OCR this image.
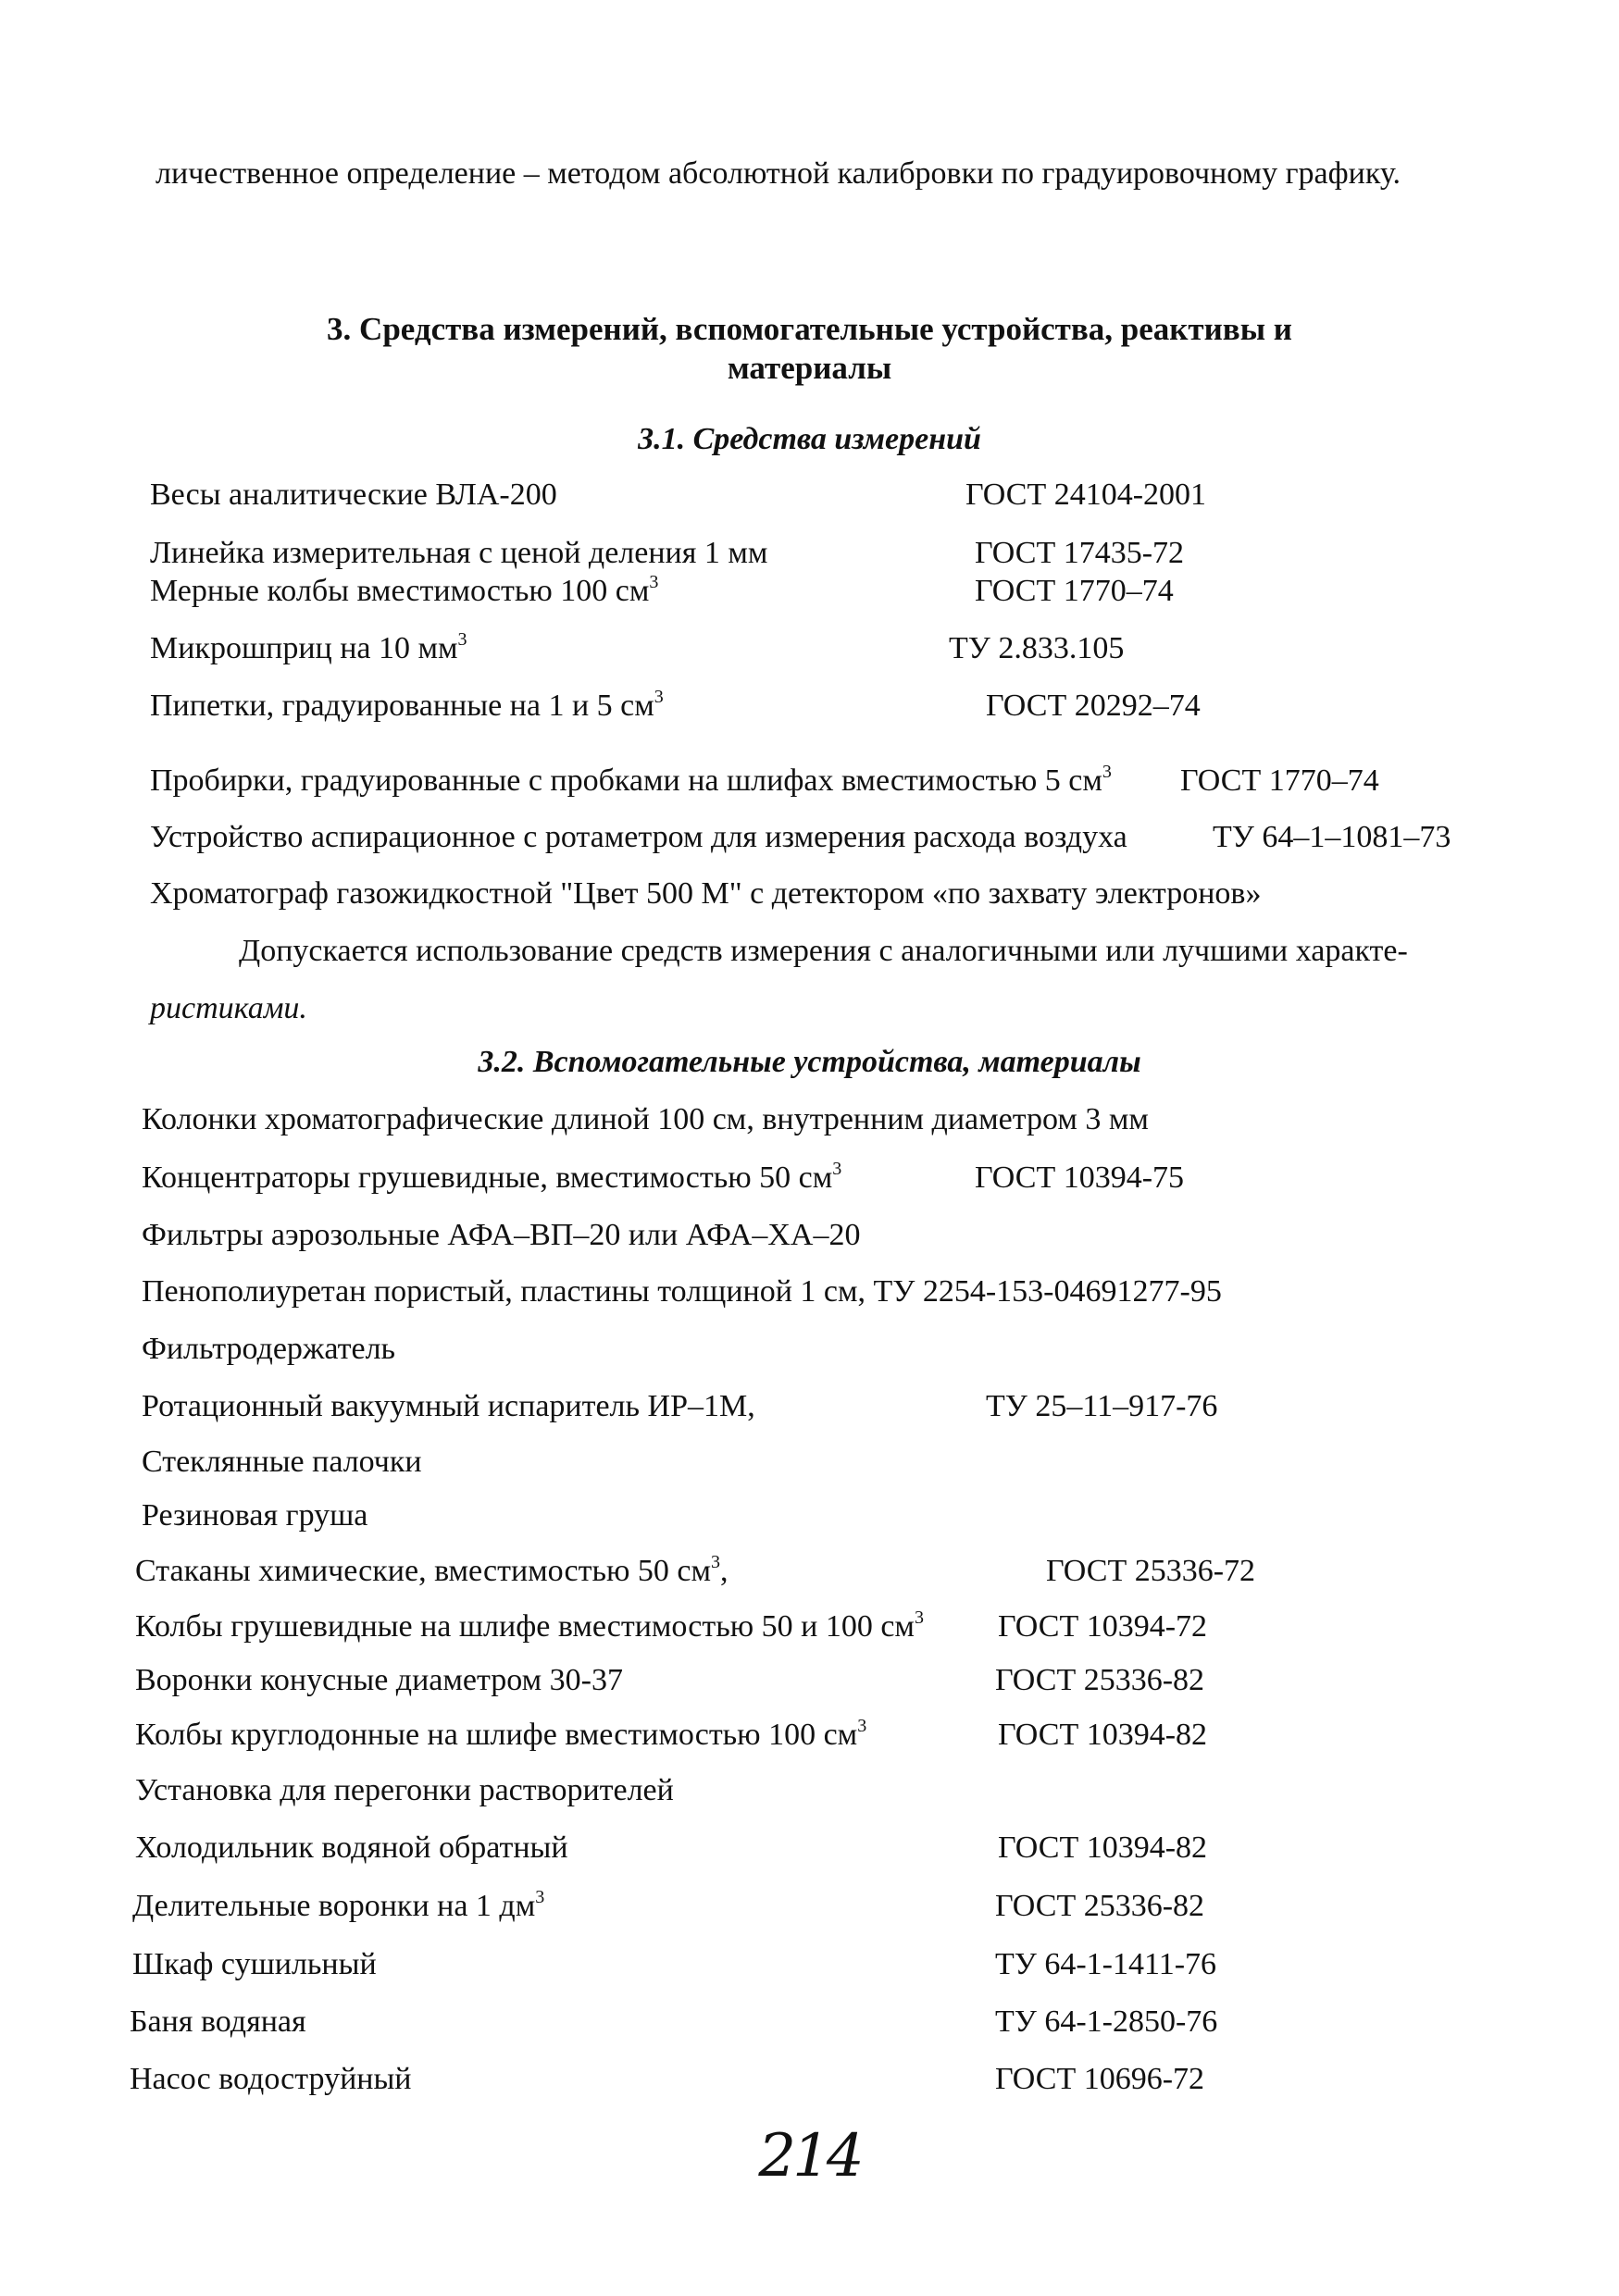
личественное определение – методом абсолютной калибровки по градуировочному графику.
3. Средства измерений, вспомогательные устройства, реактивы и
материалы
3.1. Средства измерений
Весы аналитические ВЛА-200	ГОСТ 24104-2001
Линейка измерительная с ценой деления 1 мм	ГОСТ 17435-72
Мерные колбы вместимостью 100 $см^3$	ГОСТ 1770–74
Микрошприц на 10 $мм^3$	ТУ 2.833.105
Пипетки, градуированные на 1 и 5 $см^3$	ГОСТ 20292–74
Пробирки, градуированные с пробками на шлифах вместимостью 5 $см^3$ ГОСТ 1770–74
Устройство аспирационное с ротаметром для измерения расхода воздуха	ТУ 64–1–1081–73
Хроматограф газожидкостной "Цвет 500 М" с детектором «по захвату электронов»
Допускается использование средств измерения с аналогичными или лучшими характе-
ристиками.
3.2. Вспомогательные устройства, материалы
Колонки хроматографические длиной 100 см, внутренним диаметром 3 мм
Концентраторы грушевидные, вместимостью 50 $см^3$	ГОСТ 10394-75
Фильтры аэрозольные АФА–ВП–20 или АФА–ХА–20
Пенополиуретан пористый, пластины толщиной 1 см, ТУ 2254-153-04691277-95
Фильтродержатель
Ротационный вакуумный испаритель ИР–1М,	ТУ 25–11–917-76
Стеклянные палочки
Резиновая груша
Стаканы химические, вместимостью 50 $см^3$,	ГОСТ 25336-72
Колбы грушевидные на шлифе вместимостью 50 и 100 $см^3$ ГОСТ 10394-72
Воронки конусные диаметром 30-37	ГОСТ 25336-82
Колбы круглодонные на шлифе вместимостью 100 $см^3$	ГОСТ 10394-82
Установка для перегонки растворителей
Холодильник водяной обратный	ГОСТ 10394-82
Делительные воронки на 1 $дм^3$	ГОСТ 25336-82
Шкаф сушильный	ТУ 64-1-1411-76
Баня водяная	ТУ 64-1-2850-76
Насос водоструйный	ГОСТ 10696-72
214
